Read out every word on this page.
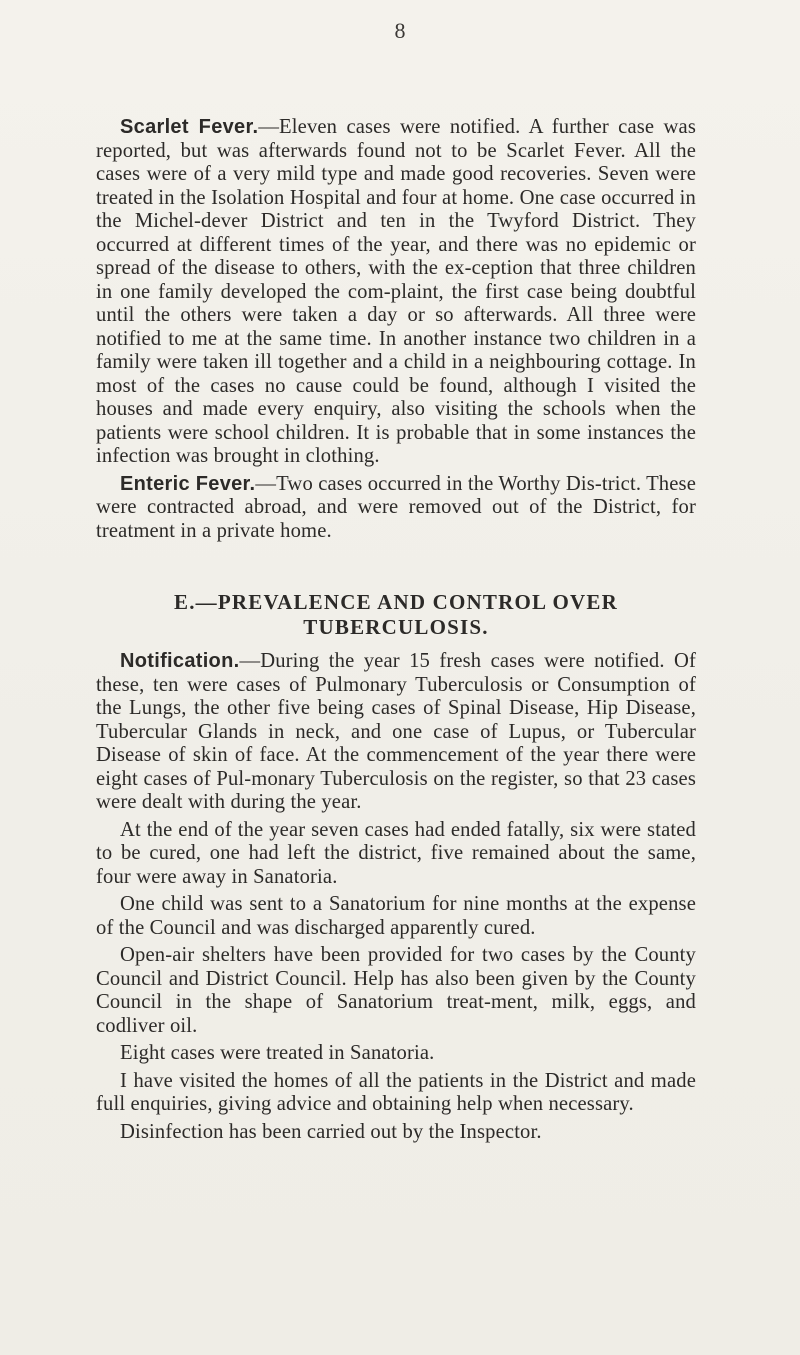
8

Scarlet Fever.—Eleven cases were notified. A further case was reported, but was afterwards found not to be Scarlet Fever. All the cases were of a very mild type and made good recoveries. Seven were treated in the Isolation Hospital and four at home. One case occurred in the Michel-dever District and ten in the Twyford District. They occurred at different times of the year, and there was no epidemic or spread of the disease to others, with the ex-ception that three children in one family developed the com-plaint, the first case being doubtful until the others were taken a day or so afterwards. All three were notified to me at the same time. In another instance two children in a family were taken ill together and a child in a neighbouring cottage. In most of the cases no cause could be found, although I visited the houses and made every enquiry, also visiting the schools when the patients were school children. It is probable that in some instances the infection was brought in clothing.

Enteric Fever.—Two cases occurred in the Worthy Dis-trict. These were contracted abroad, and were removed out of the District, for treatment in a private home.

E.—PREVALENCE AND CONTROL OVER
TUBERCULOSIS.

Notification.—During the year 15 fresh cases were notified. Of these, ten were cases of Pulmonary Tuberculosis or Consumption of the Lungs, the other five being cases of Spinal Disease, Hip Disease, Tubercular Glands in neck, and one case of Lupus, or Tubercular Disease of skin of face. At the commencement of the year there were eight cases of Pul-monary Tuberculosis on the register, so that 23 cases were dealt with during the year.

At the end of the year seven cases had ended fatally, six were stated to be cured, one had left the district, five remained about the same, four were away in Sanatoria.

One child was sent to a Sanatorium for nine months at the expense of the Council and was discharged apparently cured.

Open-air shelters have been provided for two cases by the County Council and District Council. Help has also been given by the County Council in the shape of Sanatorium treat-ment, milk, eggs, and codliver oil.

Eight cases were treated in Sanatoria.

I have visited the homes of all the patients in the District and made full enquiries, giving advice and obtaining help when necessary.

Disinfection has been carried out by the Inspector.
